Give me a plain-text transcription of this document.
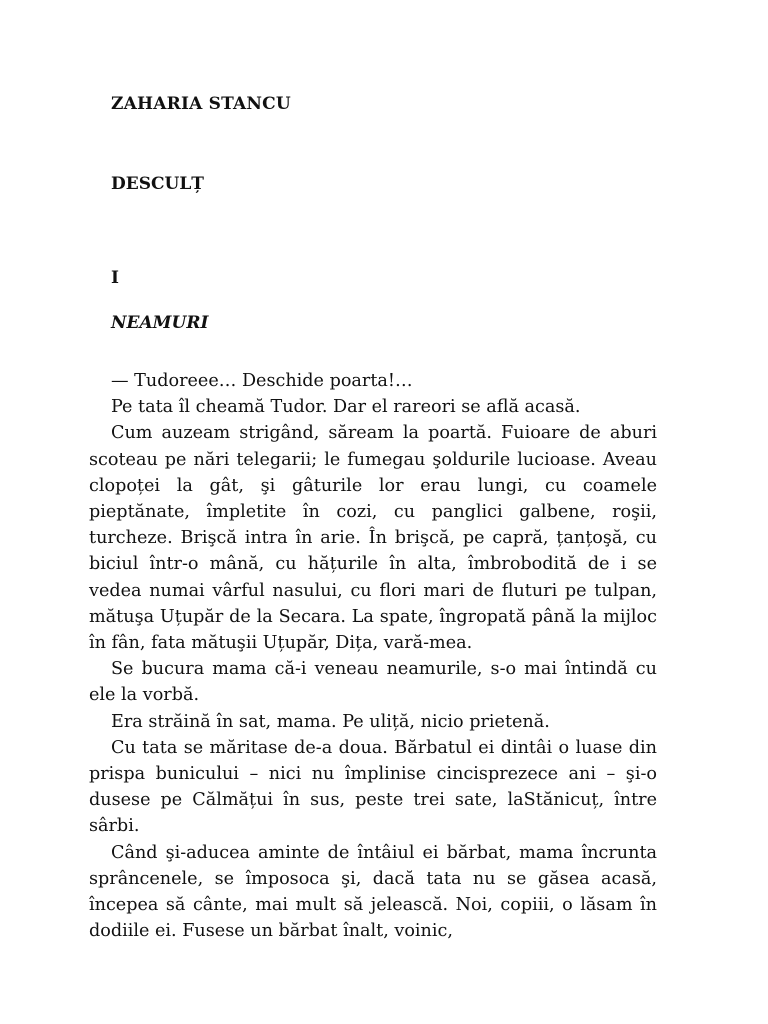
ZAHARIA STANCU
DESCULȚ
I
NEAMURI

— Tudoreee… Deschide poarta!…

Pe tata îl cheamă Tudor. Dar el rareori se află acasă.

Cum auzeam strigând, săream la poartă. Fuioare de aburi scoteau pe nări telegarii; le fumegau şoldurile lucioase. Aveau clopoței la gât, şi gâturile lor erau lungi, cu coamele pieptănate, împletite în cozi, cu panglici galbene, roşii, turcheze. Brişcă intra în arie. În brişcă, pe capră, țanțoşă, cu biciul într-o mână, cu hățurile în alta, îmbrobodită de i se vedea numai vârful nasului, cu flori mari de fluturi pe tulpan, mătuşa Uțupăr de la Secara. La spate, îngropată până la mijloc în fân, fata mătuşii Uțupăr, Dița, vară-mea.

Se bucura mama că-i veneau neamurile, s-o mai întindă cu ele la vorbă.

Era străină în sat, mama. Pe uliță, nicio prietenă.

Cu tata se măritase de-a doua. Bărbatul ei dintâi o luase din prispa bunicului – nici nu împlinise cincisprezece ani – şi-o dusese pe Călmățui în sus, peste trei sate, laStănicuț, între sârbi.

Când şi-aducea aminte de întâiul ei bărbat, mama încrunta sprâncenele, se împosoca şi, dacă tata nu se găsea acasă, începea să cânte, mai mult să jelească. Noi, copiii, o lăsam în dodiile ei. Fusese un bărbat înalt, voinic,
